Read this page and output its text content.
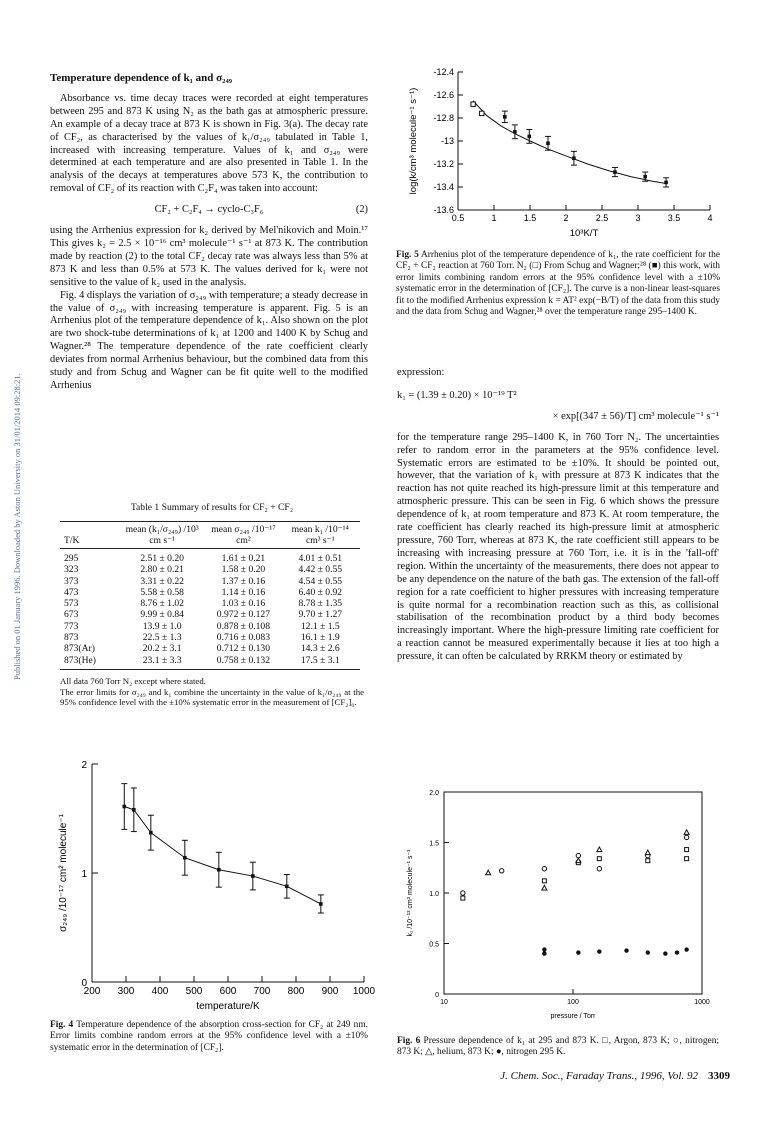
Published on 01 January 1996. Downloaded by Aston University on 31/01/2014 09:28:21.
Temperature dependence of k₁ and σ₂₄₉

Absorbance vs. time decay traces were recorded at eight temperatures between 295 and 873 K using N₂ as the bath gas at atmospheric pressure. An example of a decay trace at 873 K is shown in Fig. 3(a). The decay rate of CF₂, as characterised by the values of k₁/σ₂₄₉ tabulated in Table 1, increased with increasing temperature. Values of k₁ and σ₂₄₉ were determined at each temperature and are also presented in Table 1. In the analysis of the decays at temperatures above 573 K, the contribution to removal of CF₂ of its reaction with C₂F₄ was taken into account:

CF₂ + C₂F₄ → cyclo-C₃F₆	(2)

using the Arrhenius expression for k₂ derived by Mel'nikovich and Moin.¹⁷ This gives k₂ = 2.5 × 10⁻¹⁶ cm³ molecule⁻¹ s⁻¹ at 873 K. The contribution made by reaction (2) to the total CF₂ decay rate was always less than 5% at 873 K and less than 0.5% at 573 K. The values derived for k₁ were not sensitive to the value of k₂ used in the analysis.

Fig. 4 displays the variation of σ₂₄₉ with temperature; a steady decrease in the value of σ₂₄₉ with increasing temperature is apparent. Fig. 5 is an Arrhenius plot of the temperature dependence of k₁. Also shown on the plot are two shock-tube determinations of k₁ at 1200 and 1400 K by Schug and Wagner.²⁸ The temperature dependence of the rate coefficient clearly deviates from normal Arrhenius behaviour, but the combined data from this study and from Schug and Wagner can be fit quite well to the modified Arrhenius

Table 1 Summary of results for CF₂ + CF₂
T/K	mean (k₁/σ₂₄₉) /10³ cm s⁻¹	mean σ₂₄₉ /10⁻¹⁷ cm²	mean k₁ /10⁻¹⁴ cm³ s⁻¹
295	2.51 ± 0.20	1.61 ± 0.21	4.01 ± 0.51
323	2.80 ± 0.21	1.58 ± 0.20	4.42 ± 0.55
373	3.31 ± 0.22	1.37 ± 0.16	4.54 ± 0.55
473	5.58 ± 0.58	1.14 ± 0.16	6.40 ± 0.92
573	8.76 ± 1.02	1.03 ± 0.16	8.78 ± 1.35
673	9.99 ± 0.84	0.972 ± 0.127	9.70 ± 1.27
773	13.9 ± 1.0	0.878 ± 0.108	12.1 ± 1.5
873	22.5 ± 1.3	0.716 ± 0.083	16.1 ± 1.9
873(Ar)	20.2 ± 3.1	0.712 ± 0.130	14.3 ± 2.6
873(He)	23.1 ± 3.3	0.758 ± 0.132	17.5 ± 3.1
All data 760 Torr N₂ except where stated.
The error limits for σ₂₄₉ and k₁ combine the uncertainty in the value of k₁/σ₂₄₉ at the 95% confidence level with the ±10% systematic error in the measurement of [CF₂]₀.
-12.4
-12.6
-12.8
-13
-13.2
-13.4
-13.6
0.5	1	1.5	2	2.5	3	3.5	4
10³K/T
log(k/cm³ molecule⁻¹ s⁻¹)
Fig. 5 Arrhenius plot of the temperature dependence of k₁, the rate coefficient for the CF₂ + CF₂ reaction at 760 Torr. N₂ (□) From Schug and Wagner;²⁸ (■) this work, with error limits combining random errors at the 95% confidence level with a ±10% systematic error in the determination of [CF₂]. The curve is a non-linear least-squares fit to the modified Arrhenius expression k = AT² exp(−B/T) of the data from this study and the data from Schug and Wagner,²⁸ over the temperature range 295–1400 K.
expression:
k₁ = (1.39 ± 0.20) × 10⁻¹⁹ T²
× exp[(347 ± 56)/T] cm³ molecule⁻¹ s⁻¹

for the temperature range 295–1400 K, in 760 Torr N₂. The uncertainties refer to random error in the parameters at the 95% confidence level. Systematic errors are estimated to be ±10%. It should be pointed out, however, that the variation of k₁ with pressure at 873 K indicates that the reaction has not quite reached its high-pressure limit at this temperature and atmospheric pressure. This can be seen in Fig. 6 which shows the pressure dependence of k₁ at room temperature and 873 K. At room temperature, the rate coefficient has clearly reached its high-pressure limit at atmospheric pressure, 760 Torr, whereas at 873 K, the rate coefficient still appears to be increasing with increasing pressure at 760 Torr, i.e. it is in the 'fall-off' region. Within the uncertainty of the measurements, there does not appear to be any dependence on the nature of the bath gas. The extension of the fall-off region for a rate coefficient to higher pressures with increasing temperature is quite normal for a recombination reaction such as this, as collisional stabilisation of the recombination product by a third body becomes increasingly important. Where the high-pressure limiting rate coefficient for a reaction cannot be measured experimentally because it lies at too high a pressure, it can often be calculated by RRKM theory or estimated by

0
1
2
200 300 400 500 600 700 800 900 1000
temperature/K
σ₂₄₉ /10⁻¹⁷ cm² molecule⁻¹
Fig. 4 Temperature dependence of the absorption cross-section for CF₂ at 249 nm. Error limits combine random errors at the 95% confidence level with a ±10% systematic error in the determination of [CF₂].
0
0.5
1.0
1.5
2.0
10	100	1000
pressure / Torr
k₁ /10⁻¹³ cm³ molecule⁻¹ s⁻¹
Fig. 6 Pressure dependence of k₁ at 295 and 873 K. □, Argon, 873 K; ○, nitrogen; 873 K; △, helium, 873 K; ●, nitrogen 295 K.
J. Chem. Soc., Faraday Trans., 1996, Vol. 92 3309
